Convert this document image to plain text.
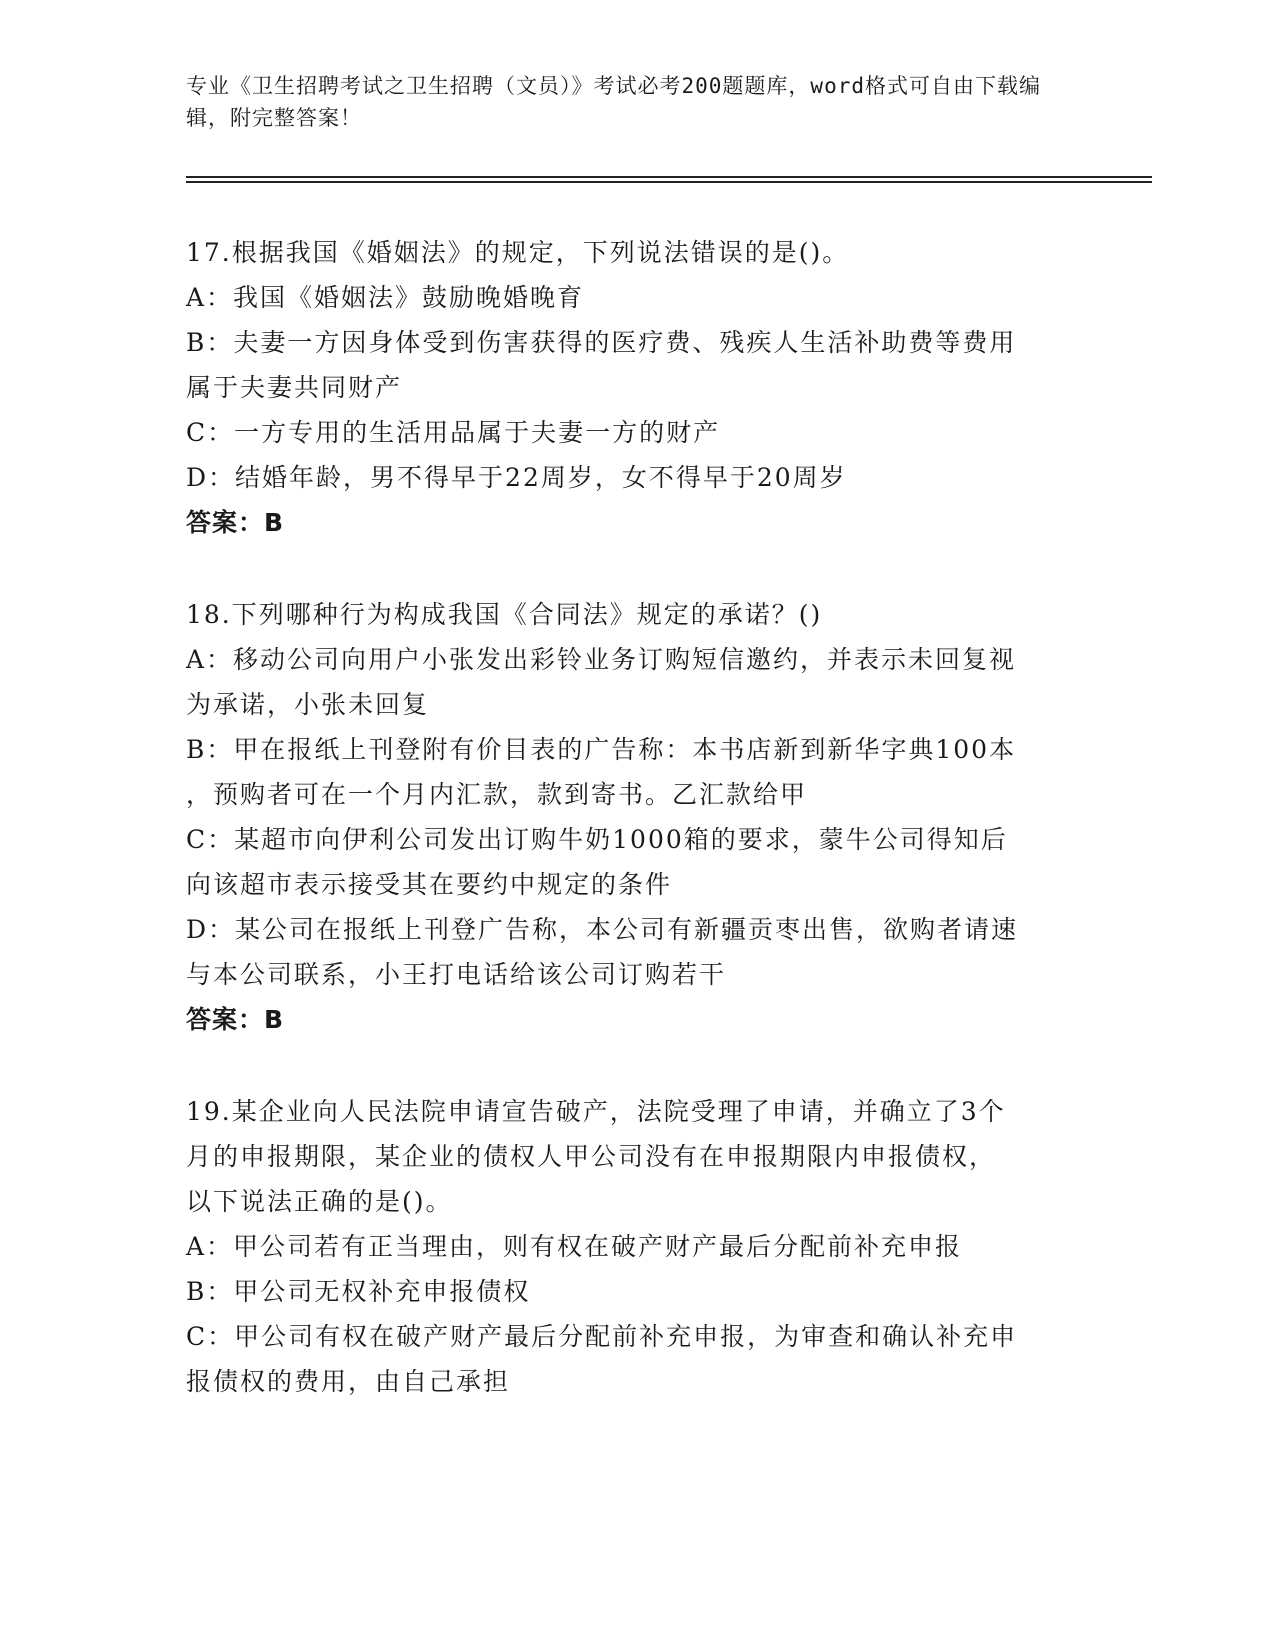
专业《卫生招聘考试之卫生招聘（文员）》考试必考200题题库，word格式可自由下载编辑，附完整答案！
17.根据我国《婚姻法》的规定，下列说法错误的是()。
A：我国《婚姻法》鼓励晚婚晚育
B：夫妻一方因身体受到伤害获得的医疗费、残疾人生活补助费等费用
属于夫妻共同财产
C：一方专用的生活用品属于夫妻一方的财产
D：结婚年龄，男不得早于22周岁，女不得早于20周岁
答案：B
18.下列哪种行为构成我国《合同法》规定的承诺？()
A：移动公司向用户小张发出彩铃业务订购短信邀约，并表示未回复视
为承诺，小张未回复
B：甲在报纸上刊登附有价目表的广告称：本书店新到新华字典100本
，预购者可在一个月内汇款，款到寄书。乙汇款给甲
C：某超市向伊利公司发出订购牛奶1000箱的要求，蒙牛公司得知后
向该超市表示接受其在要约中规定的条件
D：某公司在报纸上刊登广告称，本公司有新疆贡枣出售，欲购者请速
与本公司联系，小王打电话给该公司订购若干
答案：B
19.某企业向人民法院申请宣告破产，法院受理了申请，并确立了3个
月的申报期限，某企业的债权人甲公司没有在申报期限内申报债权，
以下说法正确的是()。
A：甲公司若有正当理由，则有权在破产财产最后分配前补充申报
B：甲公司无权补充申报债权
C：甲公司有权在破产财产最后分配前补充申报，为审查和确认补充申
报债权的费用，由自己承担
